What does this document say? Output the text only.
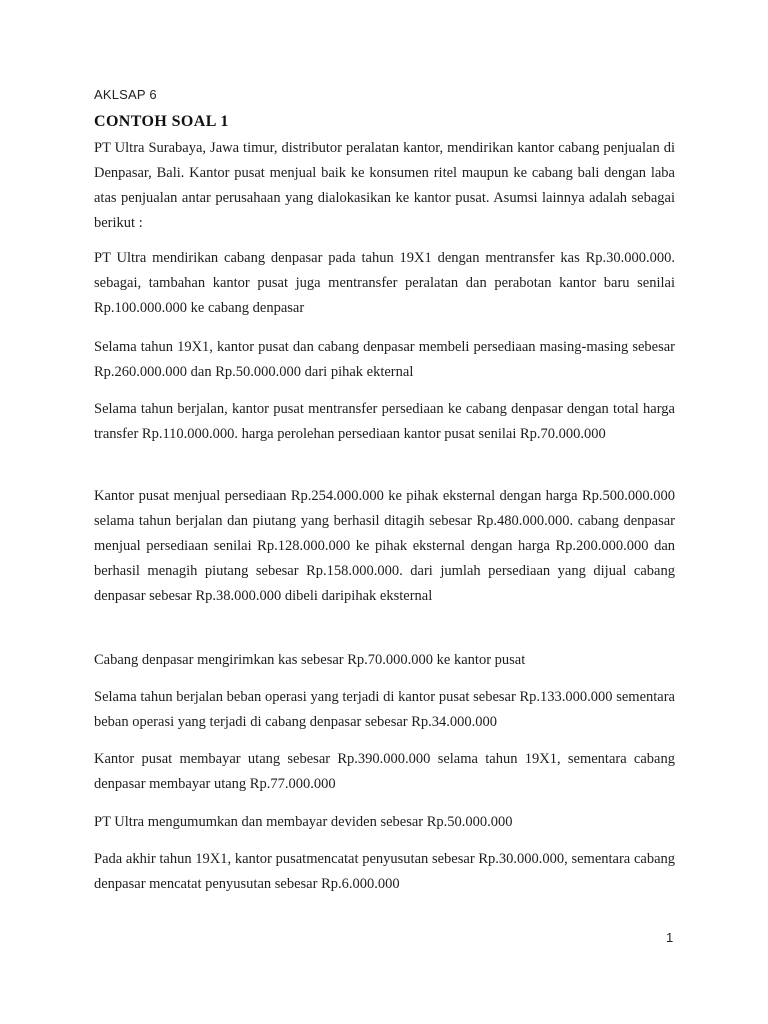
AKLSAP 6
CONTOH SOAL 1
PT Ultra Surabaya, Jawa timur, distributor peralatan kantor, mendirikan kantor cabang penjualan di Denpasar, Bali. Kantor pusat menjual baik ke konsumen ritel maupun ke cabang bali dengan laba atas penjualan antar perusahaan yang dialokasikan ke kantor pusat. Asumsi lainnya adalah sebagai berikut :
PT Ultra mendirikan cabang denpasar pada tahun 19X1 dengan mentransfer kas Rp.30.000.000. sebagai, tambahan kantor pusat juga mentransfer peralatan dan perabotan kantor baru senilai Rp.100.000.000 ke cabang denpasar
Selama tahun 19X1, kantor pusat dan cabang denpasar membeli persediaan masing-masing sebesar Rp.260.000.000 dan Rp.50.000.000 dari pihak ekternal
Selama tahun berjalan, kantor pusat mentransfer persediaan ke cabang denpasar dengan total harga transfer Rp.110.000.000. harga perolehan persediaan kantor pusat senilai Rp.70.000.000
Kantor pusat menjual persediaan Rp.254.000.000 ke pihak eksternal dengan harga Rp.500.000.000 selama tahun berjalan dan piutang yang berhasil ditagih sebesar Rp.480.000.000. cabang denpasar menjual persediaan senilai Rp.128.000.000 ke pihak eksternal dengan harga Rp.200.000.000 dan berhasil menagih piutang sebesar Rp.158.000.000. dari jumlah persediaan yang dijual cabang denpasar sebesar Rp.38.000.000 dibeli daripihak eksternal
Cabang denpasar mengirimkan kas sebesar Rp.70.000.000 ke kantor pusat
Selama tahun berjalan beban operasi yang terjadi di kantor pusat sebesar Rp.133.000.000 sementara beban operasi yang terjadi di cabang denpasar sebesar Rp.34.000.000
Kantor pusat membayar utang sebesar Rp.390.000.000 selama tahun 19X1, sementara cabang denpasar membayar utang Rp.77.000.000
PT Ultra mengumumkan dan membayar deviden sebesar Rp.50.000.000
Pada akhir tahun 19X1, kantor pusatmencatat penyusutan sebesar Rp.30.000.000, sementara cabang denpasar mencatat penyusutan sebesar Rp.6.000.000
1
